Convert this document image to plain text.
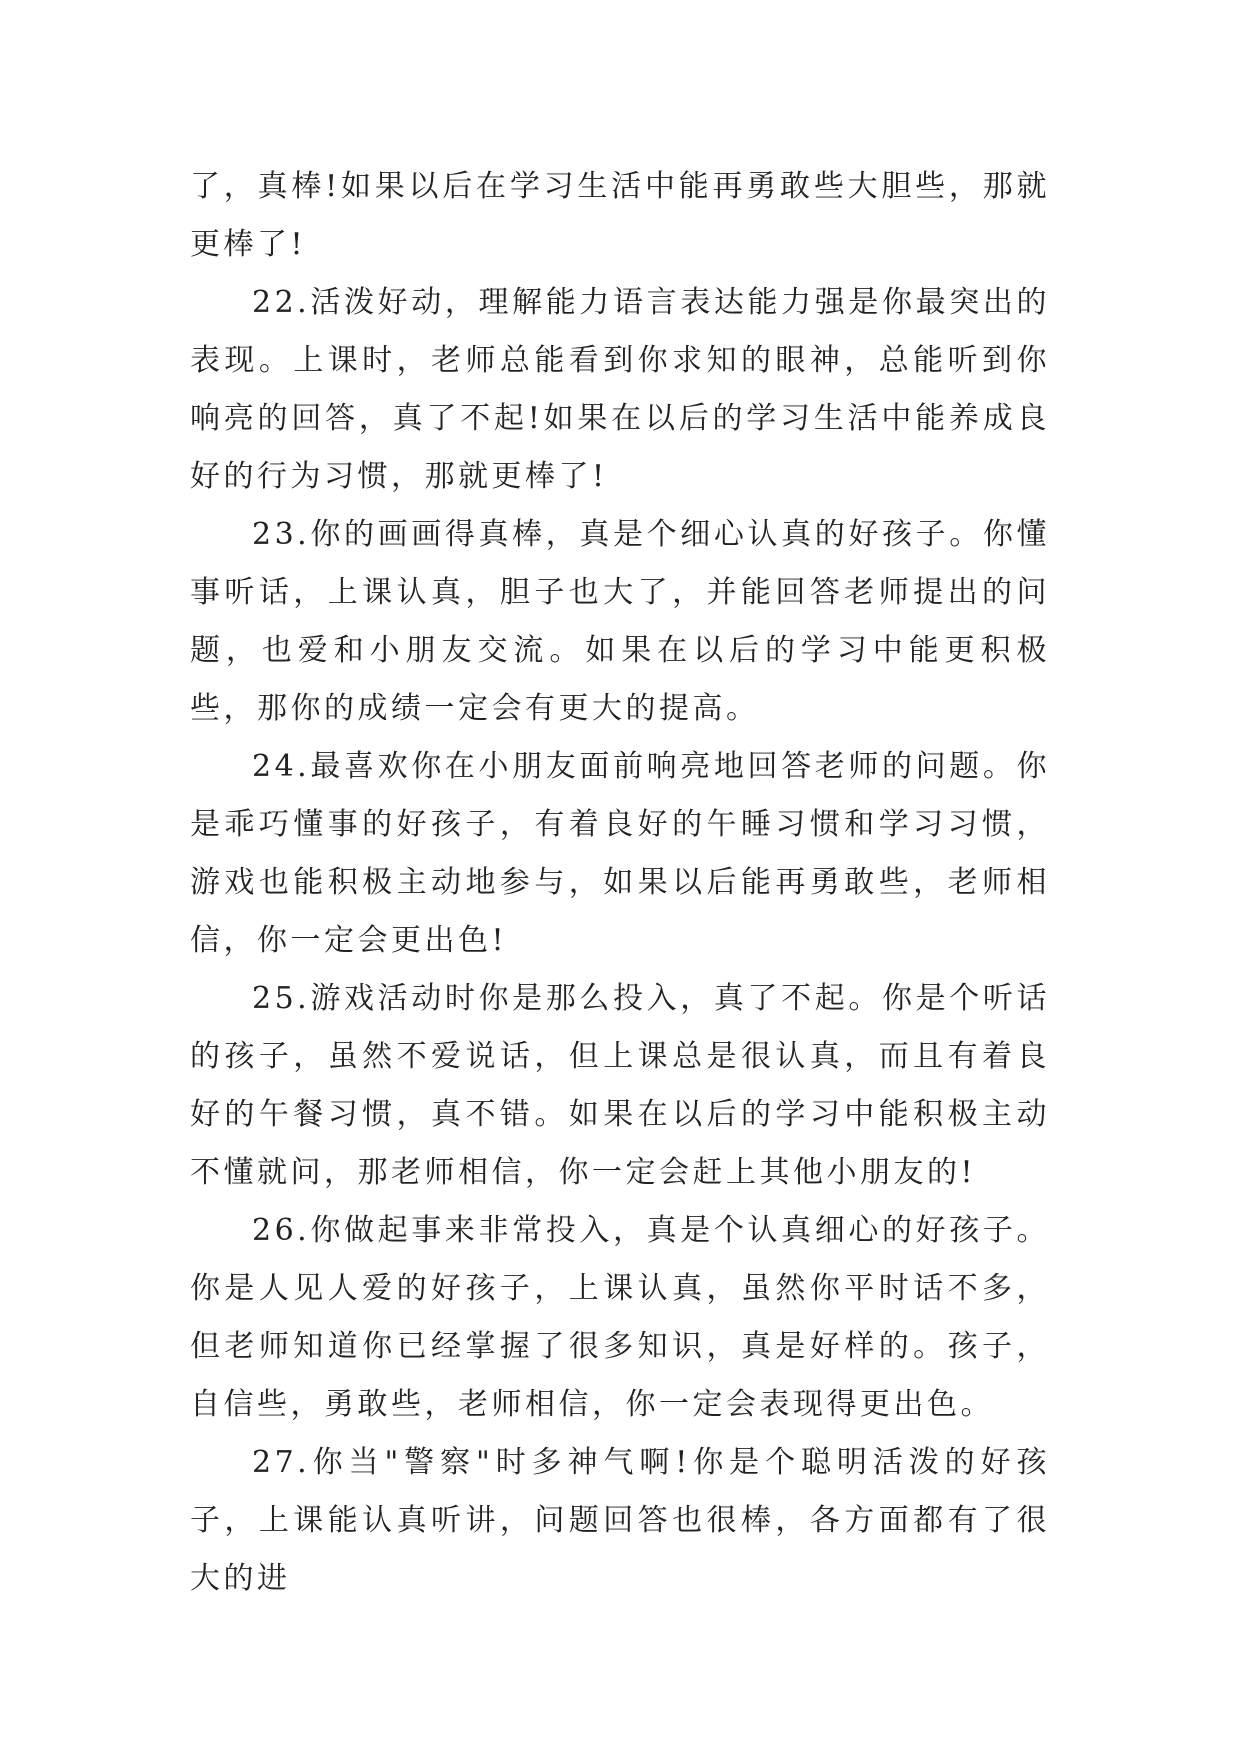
了，真棒!如果以后在学习生活中能再勇敢些大胆些，那就更棒了!

22.活泼好动，理解能力语言表达能力强是你最突出的表现。上课时，老师总能看到你求知的眼神，总能听到你响亮的回答，真了不起!如果在以后的学习生活中能养成良好的行为习惯，那就更棒了!

23.你的画画得真棒，真是个细心认真的好孩子。你懂事听话，上课认真，胆子也大了，并能回答老师提出的问题，也爱和小朋友交流。如果在以后的学习中能更积极些，那你的成绩一定会有更大的提高。

24.最喜欢你在小朋友面前响亮地回答老师的问题。你是乖巧懂事的好孩子，有着良好的午睡习惯和学习习惯，游戏也能积极主动地参与，如果以后能再勇敢些，老师相信，你一定会更出色!

25.游戏活动时你是那么投入，真了不起。你是个听话的孩子，虽然不爱说话，但上课总是很认真，而且有着良好的午餐习惯，真不错。如果在以后的学习中能积极主动不懂就问，那老师相信，你一定会赶上其他小朋友的!

26.你做起事来非常投入，真是个认真细心的好孩子。你是人见人爱的好孩子，上课认真，虽然你平时话不多，但老师知道你已经掌握了很多知识，真是好样的。孩子，自信些，勇敢些，老师相信，你一定会表现得更出色。

27.你当"警察"时多神气啊!你是个聪明活泼的好孩子，上课能认真听讲，问题回答也很棒，各方面都有了很大的进
